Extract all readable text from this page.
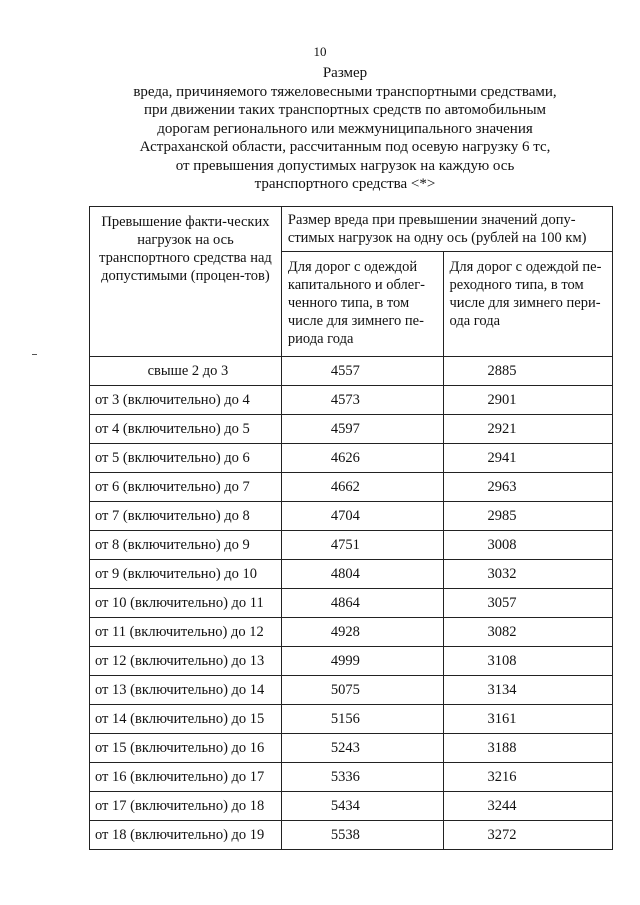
10
Размер
вреда, причиняемого тяжеловесными транспортными средствами,
при движении таких транспортных средств по автомобильным
дорогам регионального или межмуниципального значения
Астраханской области, рассчитанным под осевую нагрузку 6 тс,
от превышения допустимых нагрузок на каждую ось
транспортного средства <*>
Превышение факти-ческих нагрузок на ось транспортного средства над допустимыми (процен-тов)	Размер вреда при превышении значений допу-стимых нагрузок на одну ось (рублей на 100 км)	
	Для дорог с одеждой капитального и облег-ченного типа, в том числе для зимнего пе-риода года	Для дорог с одеждой пе-реходного типа, в том числе для зимнего пери-ода года
свыше 2 до 3	4557	2885
от 3 (включительно) до 4	4573	2901
от 4 (включительно) до 5	4597	2921
от 5 (включительно) до 6	4626	2941
от 6 (включительно) до 7	4662	2963
от 7 (включительно) до 8	4704	2985
от 8 (включительно) до 9	4751	3008
от 9 (включительно) до 10	4804	3032
от 10 (включительно) до 11	4864	3057
от 11 (включительно) до 12	4928	3082
от 12 (включительно) до 13	4999	3108
от 13 (включительно) до 14	5075	3134
от 14 (включительно) до 15	5156	3161
от 15 (включительно) до 16	5243	3188
от 16 (включительно) до 17	5336	3216
от 17 (включительно) до 18	5434	3244
от 18 (включительно) до 19	5538	3272
